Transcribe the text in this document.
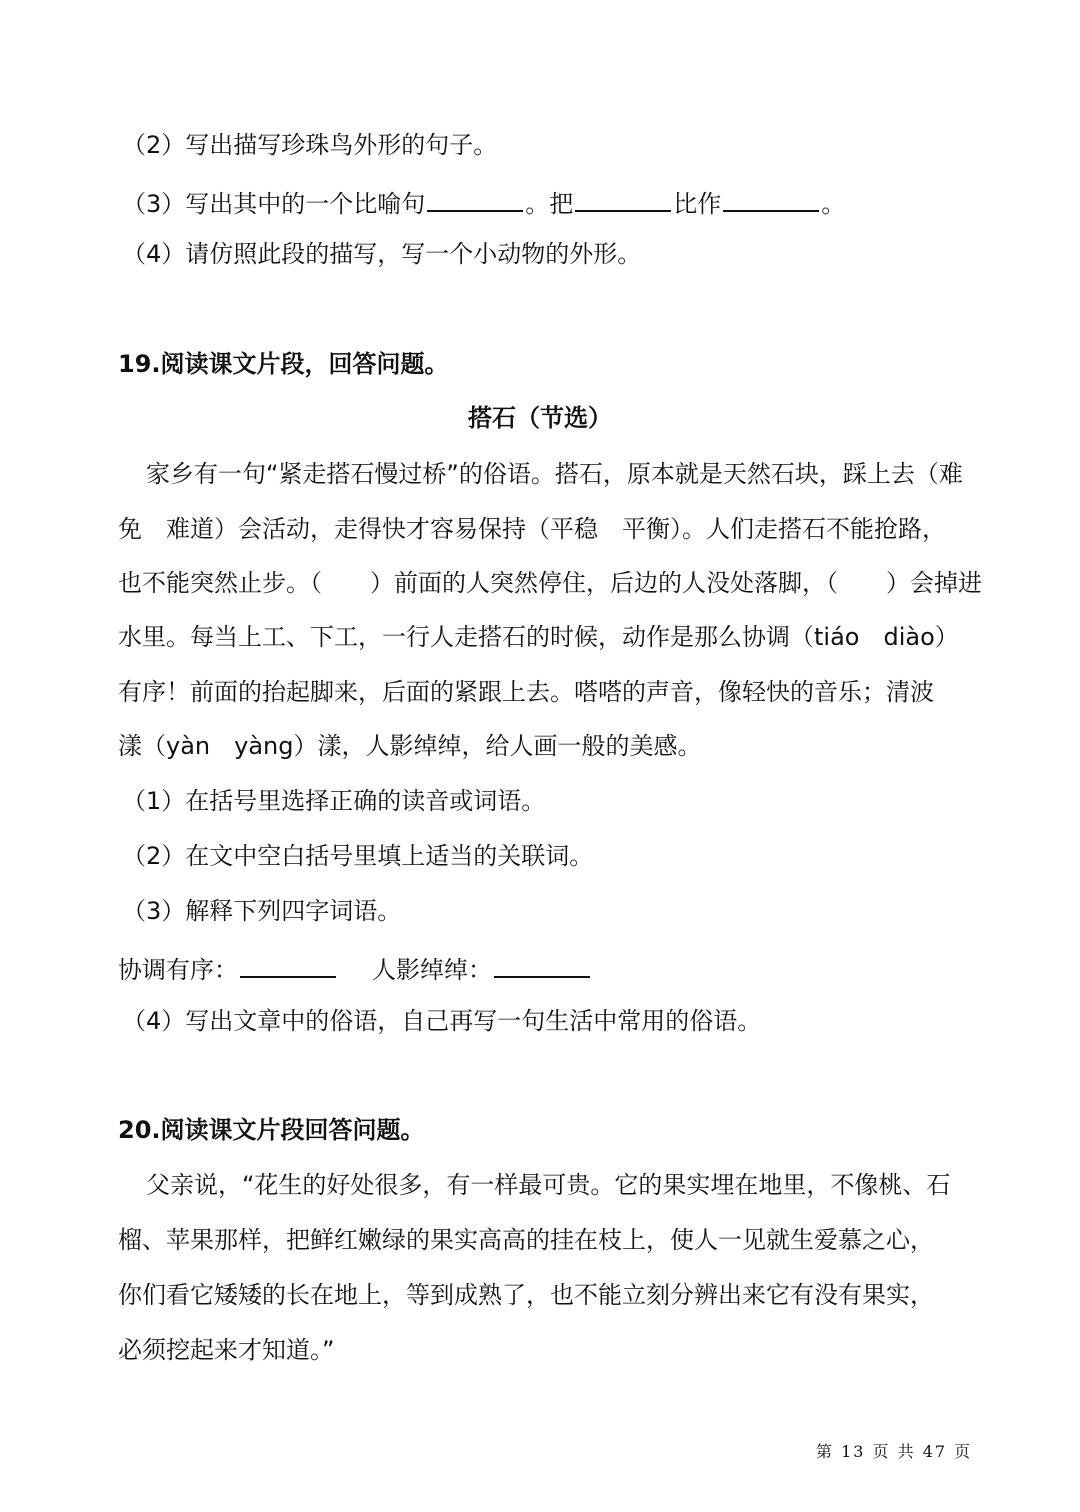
（2）写出描写珍珠鸟外形的句子。
（3）写出其中的一个比喻句	。把	比作	。
（4）请仿照此段的描写，写一个小动物的外形。
19.阅读课文片段，回答问题。
搭石（节选）
家乡有一句“紧走搭石慢过桥”的俗语。搭石，原本就是天然石块，踩上去（难
免　难道）会活动，走得快才容易保持（平稳　平衡）。人们走搭石不能抢路，
也不能突然止步。（　　）前面的人突然停住，后边的人没处落脚，（　　）会掉进
水里。每当上工、下工，一行人走搭石的时候，动作是那么协调（tiáo　diào）
有序！前面的抬起脚来，后面的紧跟上去。嗒嗒的声音，像轻快的音乐；清波
漾（yàn　yàng）漾，人影绰绰，给人画一般的美感。
（1）在括号里选择正确的读音或词语。
（2）在文中空白括号里填上适当的关联词。
（3）解释下列四字词语。
协调有序：	人影绰绰：
（4）写出文章中的俗语，自己再写一句生活中常用的俗语。
20.阅读课文片段回答问题。
父亲说，“花生的好处很多，有一样最可贵。它的果实埋在地里，不像桃、石
榴、苹果那样，把鲜红嫩绿的果实高高的挂在枝上，使人一见就生爱慕之心，
你们看它矮矮的长在地上，等到成熟了，也不能立刻分辨出来它有没有果实，
必须挖起来才知道。”
第 13 页 共 47 页
